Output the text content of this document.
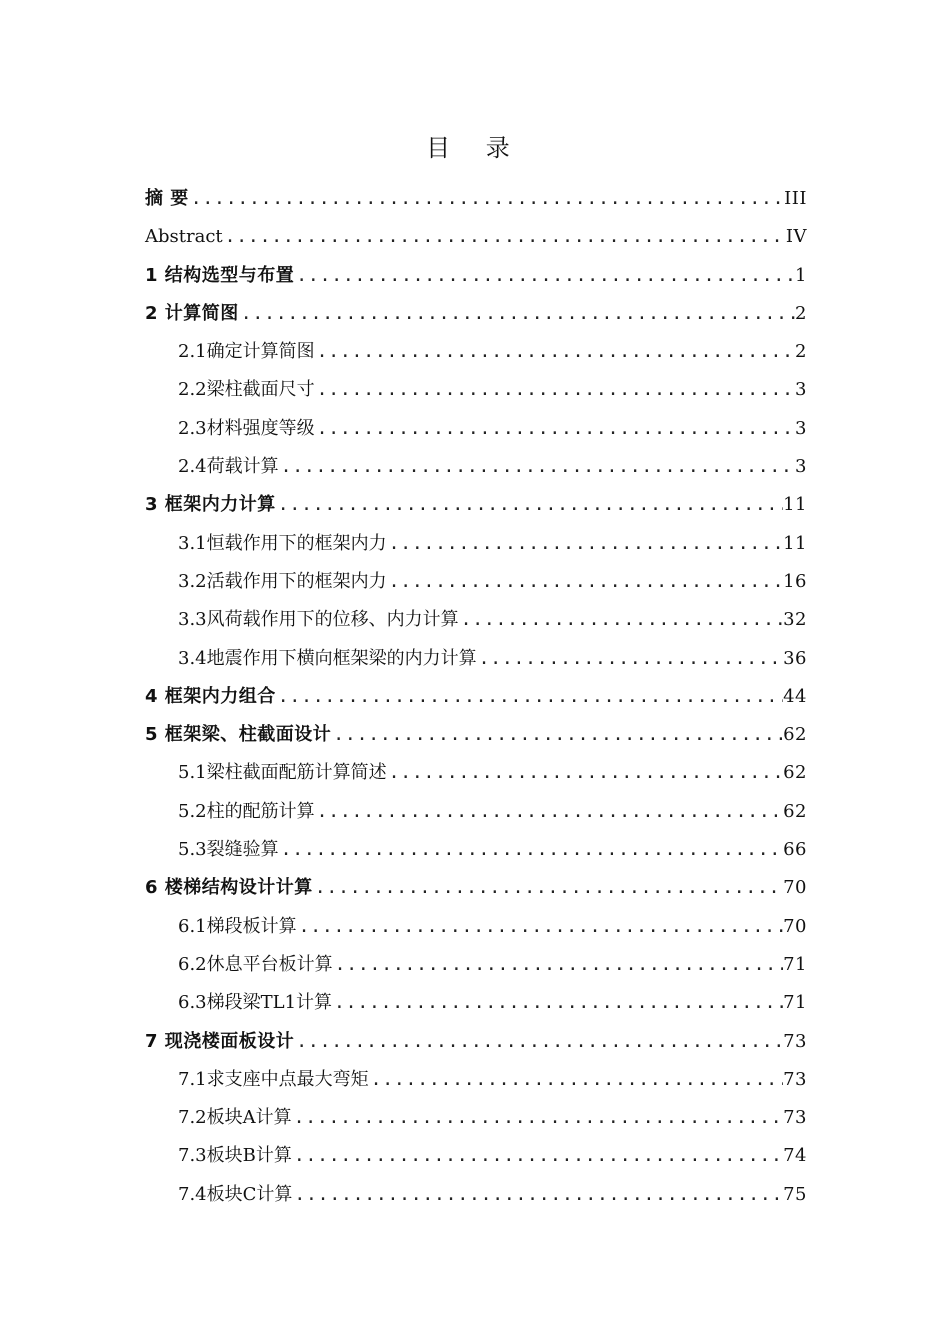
目 录
摘 要 .....	III
Abstract .....	IV
1 结构选型与布置 .....	1
2 计算简图 .....	2
2.1确定计算简图 .....	2
2.2梁柱截面尺寸 .....	3
2.3材料强度等级 .....	3
2.4荷载计算 .....	3
3 框架内力计算 .....	11
3.1恒载作用下的框架内力 .....	11
3.2活载作用下的框架内力 .....	16
3.3风荷载作用下的位移、内力计算 .....	32
3.4地震作用下横向框架梁的内力计算 .....	36
4 框架内力组合 .....	44
5 框架梁、柱截面设计 .....	62
5.1梁柱截面配筋计算简述 .....	62
5.2柱的配筋计算 .....	62
5.3裂缝验算 .....	66
6 楼梯结构设计计算 .....	70
6.1梯段板计算 .....	70
6.2休息平台板计算 .....	71
6.3梯段梁TL1计算 .....	71
7 现浇楼面板设计 .....	73
7.1求支座中点最大弯矩 .....	73
7.2板块A计算 .....	73
7.3板块B计算 .....	74
7.4板块C计算 .....	75
